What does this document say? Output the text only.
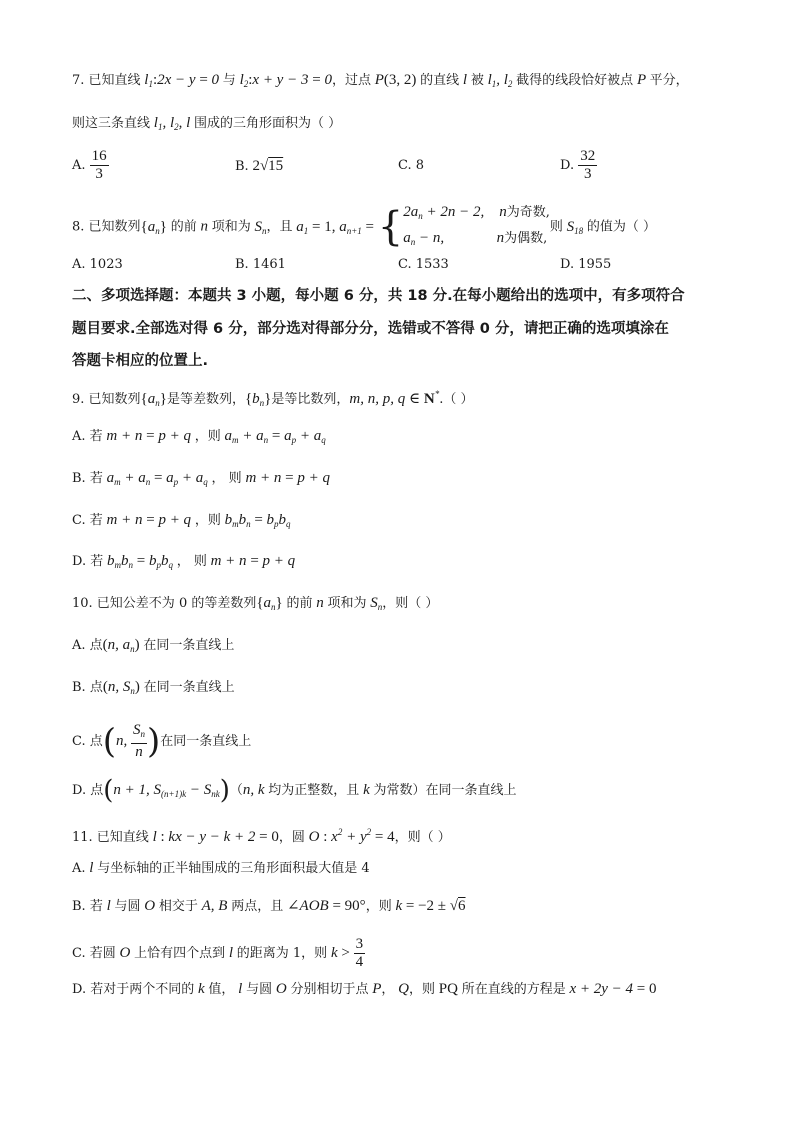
7. 已知直线 $l_1:2x - y = 0$ 与 $l_2:x + y - 3 = 0$，过点 P(3, 2) 的直线 l 被 $l_1$, $l_2$ 截得的线段恰好被点 P 平分，
则这三条直线 $l_1$, $l_2$, l 围成的三角形面积为（ ）
A. $\frac{16}{3}$	B. 2√15	C. 8	D. $\frac{32}{3}$
8. 已知数列$\{a_n\}$ 的前 n 项和为 $S_n$，且 $a_1 = 1$, $a_{n+1}$ = { $2a_n + 2n - 2$,    n为奇数,
$a_n - n$,              n为偶数,
则 $S_{18}$ 的值为（ ）
A. 1023	B. 1461	C. 1533	D. 1955
二、多项选择题：本题共 3 小题，每小题 6 分，共 18 分.在每小题给出的选项中，有多项符合
题目要求.全部选对得 6 分，部分选对得部分分，选错或不答得 0 分，请把正确的选项填涂在
答题卡相应的位置上.
9. 已知数列$\{a_n\}$是等差数列，$\{b_n\}$是等比数列，m, n, p, q ∈ N*.（ ）
A. 若 m + n = p + q ，则 $a_m + a_n = a_p + a_q$
B. 若 $a_m + a_n = a_p + a_q$ ， 则 m + n = p + q
C. 若 m + n = p + q ，则 $b_mb_n = b_pb_q$
D. 若 $b_mb_n = b_pb_q$ ， 则 m + n = p + q
10. 已知公差不为 0 的等差数列$\{a_n\}$ 的前 n 项和为 $S_n$，则（ ）
A. 点(n, $a_n$) 在同一条直线上
B. 点(n, $S_n$) 在同一条直线上
C. 点(n, $\frac{S_n}{n}$ )在同一条直线上
D. 点(n + 1, $S_{(n+1)k} - S_{nk})(n$, k 均为正整数，且 k 为常数）在同一条直线上
11. 已知直线 l : kx − y − k + 2 = 0，圆 O : $x^2 + y^2 = 4$，则（ ）
A. l 与坐标轴的正半轴围成的三角形面积最大值是 4
B. 若 l 与圆 O 相交于 A, B 两点，且 ∠AOB = 90°，则 k = −2 ± √6
C. 若圆 O 上恰有四个点到 l 的距离为 1，则 $k > \frac{3}{4}$
D. 若对于两个不同的 k 值， l 与圆 O 分别相切于点 P， Q，则 PQ 所在直线的方程是 x + 2y − 4 = 0
